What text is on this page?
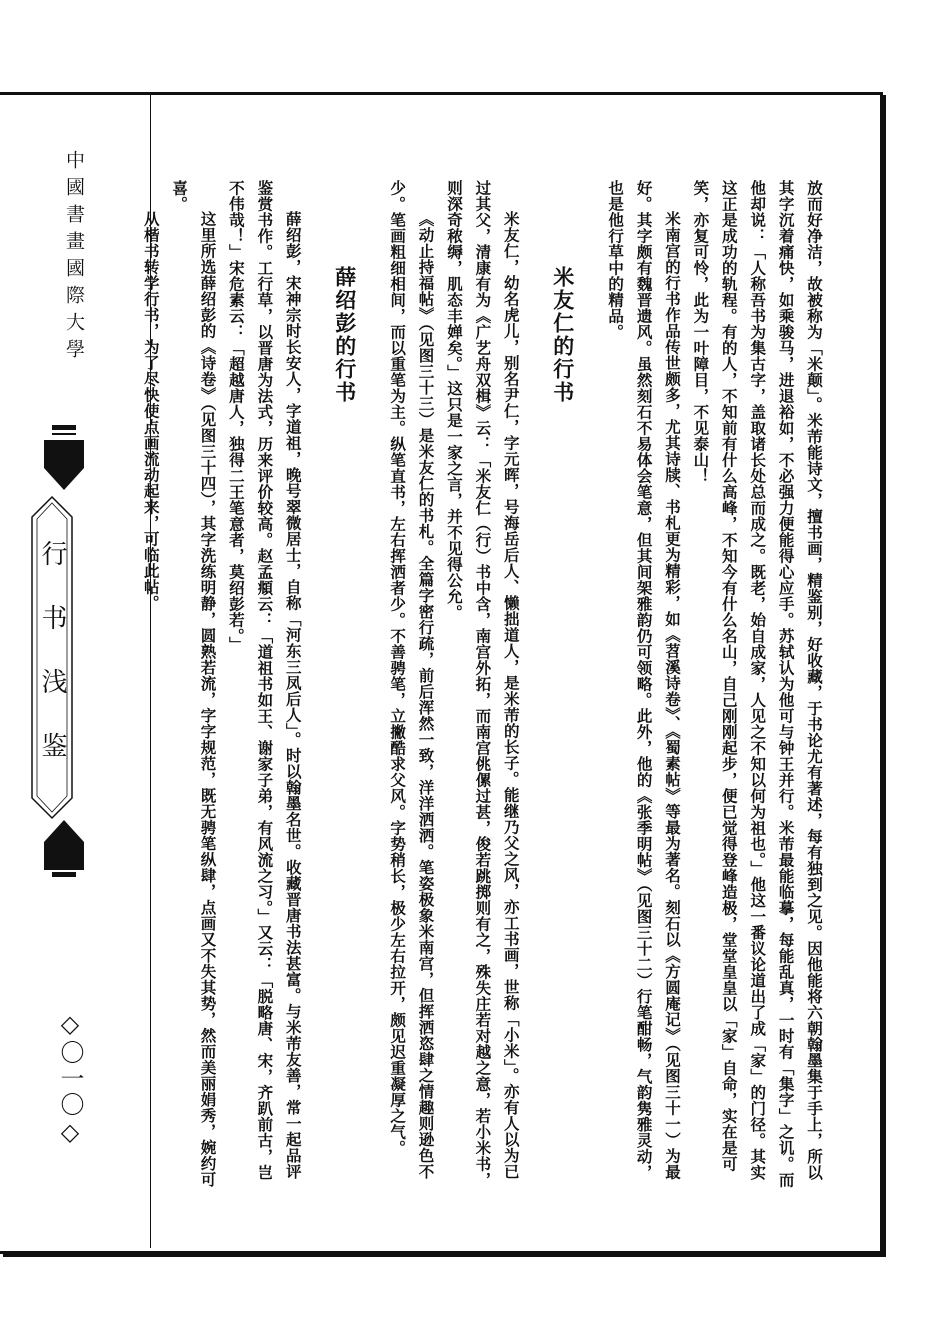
中國書畫國際大學
行书浅鉴
◇〇一〇◇	放而好净洁，故被称为「米颠」。米芾能诗文，擅书画，精鉴别，好收藏，于书论尤有著述，每有独到之见。因他能将六朝翰墨集于手上，所以其字沉着痛快，如乘骏马，进退裕如，不必强力便能得心应手。苏轼认为他可与钟王并行。米芾最能临摹，每能乱真，一时有「集字」之讥。而他却说：「人称吾书为集古字，盖取诸长处总而成之。既老，始自成家，人见之不知以何为祖也。」他这一番议论道出了成「家」的门径。其实这正是成功的轨程。有的人，不知前有什么高峰，不知今有什么名山，自己刚刚起步，便已觉得登峰造极，堂堂皇皇以「家」自命，实在是可笑，亦复可怜，此为一叶障目，不见泰山！

米南宫的行书作品传世颇多，尤其诗牍、书札更为精彩，如《苕溪诗卷》、《蜀素帖》等最为著名。刻石以《方圆庵记》（见图三十一）为最好。其字颇有魏晋遗风。虽然刻石不易体会笔意，但其间架雅韵仍可领略。此外，他的《张季明帖》（见图三十二）行笔酣畅，气韵隽雅灵动，也是他行草中的精品。

米友仁的行书

米友仁，幼名虎儿，别名尹仁，字元晖，号海岳后人、懒拙道人，是米芾的长子。能继乃父之风，亦工书画，世称「小米」。亦有人以为已过其父，清康有为《广艺舟双楫》云：「米友仁（行）书中含，南宫外拓，而南宫佻傫过甚，俊若跳掷则有之，殊失庄若对越之意，若小米书，则深奇秾缛，肌态丰婵矣。」这只是一家之言，并不见得公允。

《动止持福帖》（见图三十三）是米友仁的书札。全篇字密行疏，前后浑然一致，洋洋洒洒。笔姿极象米南宫，但挥洒恣肆之情趣则逊色不少。笔画粗细相间，而以重笔为主。纵笔直书，左右挥洒者少。不善骋笔，立撇酷求父风。字势稍长，极少左右拉开，颇见迟重凝厚之气。

薛绍彭的行书

薛绍彭，宋神宗时长安人，字道祖，晚号翠微居士，自称「河东三凤后人」。时以翰墨名世。收藏晋唐书法甚富。与米芾友善，常一起品评鉴赏书作。工行草，以晋唐为法式，历来评价较高。赵孟頫云：「道祖书如王、谢家子弟，有风流之习。」又云：「脱略唐、宋，齐趴前古，岂不伟哉！」宋危素云：「超越唐人，独得二王笔意者，莫绍彭若。」

这里所选薛绍彭的《诗卷》（见图三十四），其字洗练明静，圆熟若流，字字规范，既无骋笔纵肆，点画又不失其势，然而美丽娟秀，婉约可喜。

从楷书转学行书，为了尽快使点画流动起来，可临此帖。
